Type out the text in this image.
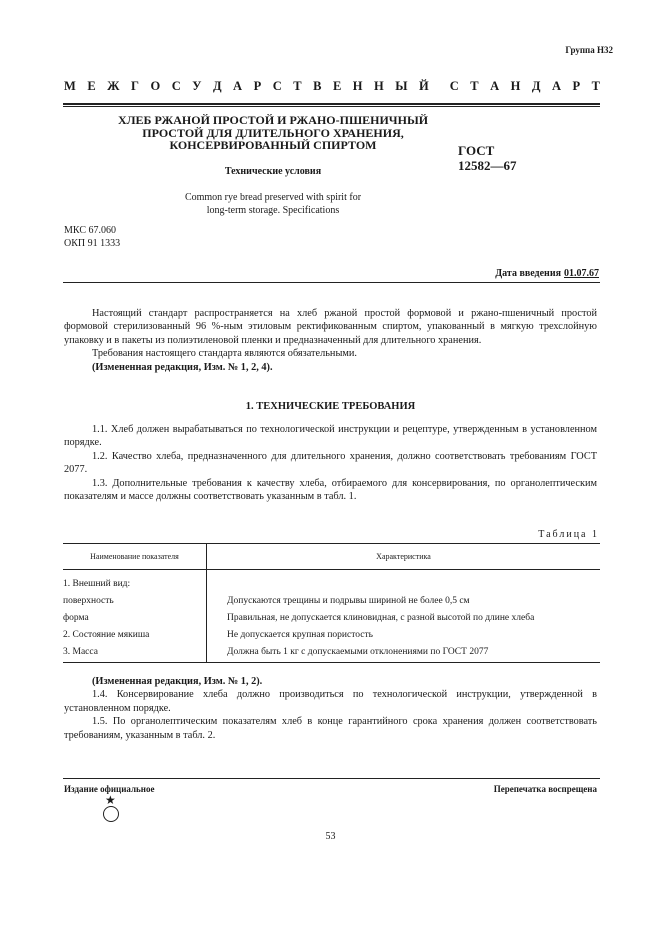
Группа Н32
М Е Ж Г О С У Д А Р С Т В Е Н Н Ы Й С Т А Н Д А Р Т
ХЛЕБ РЖАНОЙ ПРОСТОЙ И РЖАНО-ПШЕНИЧНЫЙ
ПРОСТОЙ ДЛЯ ДЛИТЕЛЬНОГО ХРАНЕНИЯ,
КОНСЕРВИРОВАННЫЙ СПИРТОМ	ГОСТ
12582—67
Технические условия
Common rye bread preserved with spirit for
long-term storage. Specifications
МКС 67.060
ОКП 91 1333
Дата введения 01.07.67

Настоящий стандарт распространяется на хлеб ржаной простой формовой и ржано-пшеничный простой формовой стерилизованный 96 %-ным этиловым ректификованным спиртом, упакованный в мягкую трехслойную упаковку и в пакеты из полиэтиленовой пленки и предназначенный для длительного хранения.

Требования настоящего стандарта являются обязательными.

(Измененная редакция, Изм. № 1, 2, 4).

1. ТЕХНИЧЕСКИЕ ТРЕБОВАНИЯ

1.1. Хлеб должен вырабатываться по технологической инструкции и рецептуре, утвержденным в установленном порядке.

1.2. Качество хлеба, предназначенного для длительного хранения, должно соответствовать требованиям ГОСТ 2077.

1.3. Дополнительные требования к качеству хлеба, отбираемого для консервирования, по органолептическим показателям и массе должны соответствовать указанным в табл. 1.

Таблица 1
Наименование показателя	Характеристика
1. Внешний вид:	
поверхность	Допускаются трещины и подрывы шириной не более 0,5 см
форма	Правильная, не допускается клиновидная, с разной высотой по длине хлеба
2. Состояние мякиша	Не допускается крупная пористость
3. Масса	Должна быть 1 кг с допускаемыми отклонениями по ГОСТ 2077

(Измененная редакция, Изм. № 1, 2).

1.4. Консервирование хлеба должно производиться по технологической инструкции, утвержденной в установленном порядке.

1.5. По органолептическим показателям хлеб в конце гарантийного срока хранения должен соответствовать требованиям, указанным в табл. 2.

Издание официальное	Перепечатка воспрещена
★
53
